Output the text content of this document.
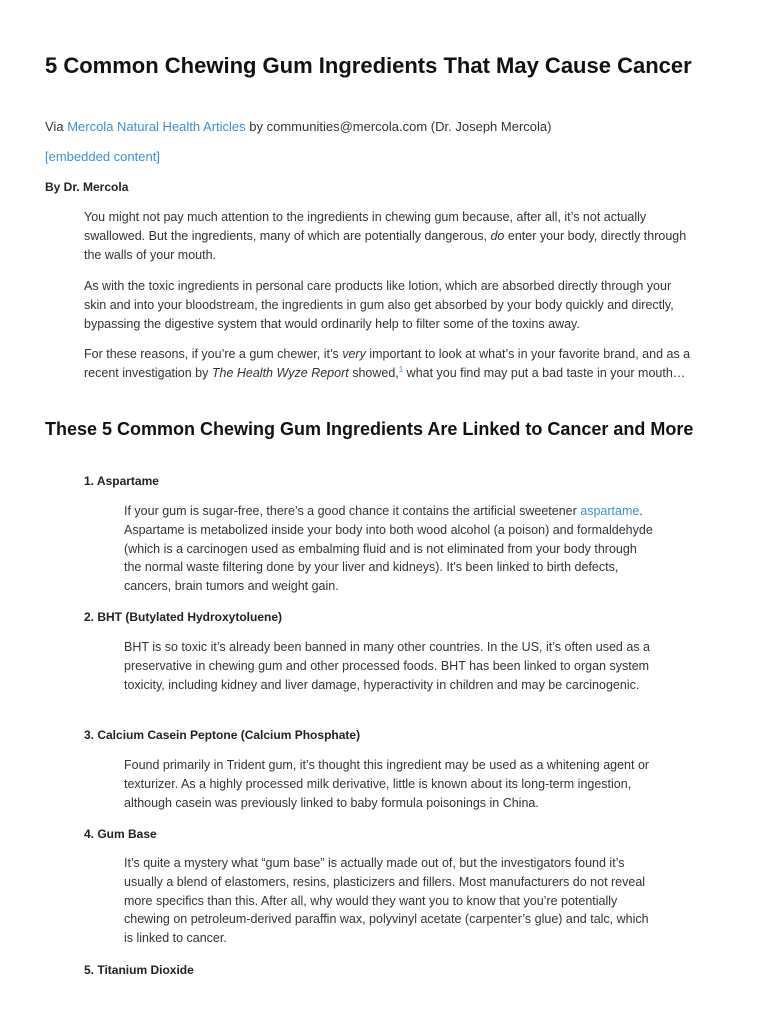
5 Common Chewing Gum Ingredients That May Cause Cancer
Via Mercola Natural Health Articles by communities@mercola.com (Dr. Joseph Mercola)
[embedded content]
By Dr. Mercola

You might not pay much attention to the ingredients in chewing gum because, after all, it’s not actually swallowed. But the ingredients, many of which are potentially dangerous, do enter your body, directly through the walls of your mouth.

As with the toxic ingredients in personal care products like lotion, which are absorbed directly through your skin and into your bloodstream, the ingredients in gum also get absorbed by your body quickly and directly, bypassing the digestive system that would ordinarily help to filter some of the toxins away.

For these reasons, if you’re a gum chewer, it’s very important to look at what’s in your favorite brand, and as a recent investigation by The Health Wyze Report showed,$^1$ what you find may put a bad taste in your mouth…

These 5 Common Chewing Gum Ingredients Are Linked to Cancer and More
1. Aspartame

If your gum is sugar-free, there’s a good chance it contains the artificial sweetener aspartame. Aspartame is metabolized inside your body into both wood alcohol (a poison) and formaldehyde (which is a carcinogen used as embalming fluid and is not eliminated from your body through the normal waste filtering done by your liver and kidneys). It's been linked to birth defects, cancers, brain tumors and weight gain.

2. BHT (Butylated Hydroxytoluene)

BHT is so toxic it’s already been banned in many other countries. In the US, it’s often used as a preservative in chewing gum and other processed foods. BHT has been linked to organ system toxicity, including kidney and liver damage, hyperactivity in children and may be carcinogenic.

3. Calcium Casein Peptone (Calcium Phosphate)

Found primarily in Trident gum, it’s thought this ingredient may be used as a whitening agent or texturizer. As a highly processed milk derivative, little is known about its long-term ingestion, although casein was previously linked to baby formula poisonings in China.

4. Gum Base

It’s quite a mystery what “gum base” is actually made out of, but the investigators found it’s usually a blend of elastomers, resins, plasticizers and fillers. Most manufacturers do not reveal more specifics than this. After all, why would they want you to know that you’re potentially chewing on petroleum-derived paraffin wax, polyvinyl acetate (carpenter’s glue) and talc, which is linked to cancer.

5. Titanium Dioxide
